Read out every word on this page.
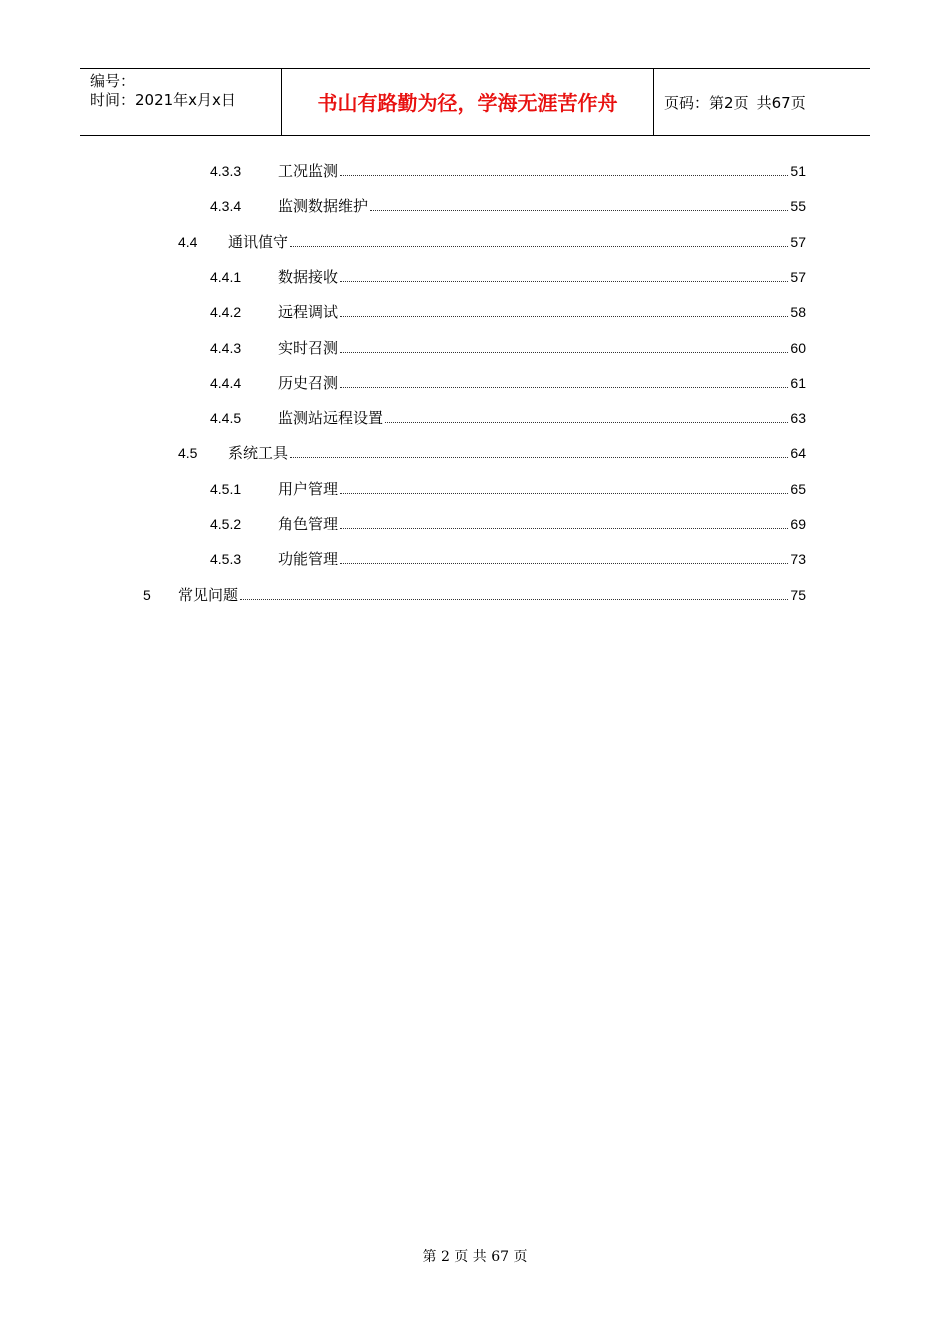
编号：
时间：2021年x月x日	书山有路勤为径，学海无涯苦作舟	页码：第2页 共67页
4.3.3	工况监测	51
4.3.4	监测数据维护	55
4.4	通讯值守	57
4.4.1	数据接收	57
4.4.2	远程调试	58
4.4.3	实时召测	60
4.4.4	历史召测	61
4.4.5	监测站远程设置	63
4.5	系统工具	64
4.5.1	用户管理	65
4.5.2	角色管理	69
4.5.3	功能管理	73
5	常见问题	75
第 2 页 共 67 页
